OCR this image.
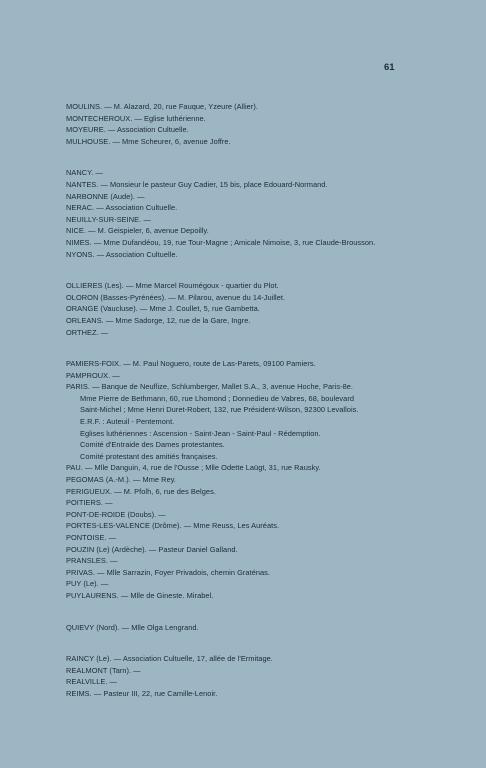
61
MOULINS. — M. Alazard, 20, rue Fauque, Yzeure (Allier).
MONTECHEROUX. — Eglise luthérienne.
MOYEURE. — Association Cultuelle.
MULHOUSE. — Mme Scheurer, 6, avenue Joffre.
NANCY. —
NANTES. — Monsieur le pasteur Guy Cadier, 15 bis, place Edouard-Normand.
NARBONNE (Aude). —
NERAC. — Association Cultuelle.
NEUILLY-SUR-SEINE. —
NICE. — M. Geispieler, 6, avenue Depoilly.
NIMES. — Mme Dufandéou, 19, rue Tour-Magne ; Amicale Nimoise, 3, rue Claude-Brousson.
NYONS. — Association Cultuelle.
OLLIERES (Les). — Mme Marcel Roumégoux - quartier du Plot.
OLORON (Basses-Pyrénées). — M. Pilarou, avenue du 14-Juillet.
ORANGE (Vaucluse). — Mme J. Coullet, 5, rue Gambetta.
ORLEANS. — Mme Sadorge, 12, rue de la Gare, Ingre.
ORTHEZ. —
PAMIERS-FOIX. — M. Paul Noguero, route de Las-Parets, 09100 Pamiers.
PAMPROUX. —
PARIS. — Banque de Neuflize, Schlumberger, Mallet S.A., 3, avenue Hoche, Paris-8e.
Mme Pierre de Bethmann, 60, rue Lhomond ; Donnedieu de Vabres, 68, boulevard
Saint-Michel ; Mme Henri Duret-Robert, 132, rue Président-Wilson, 92300 Levallois.
E.R.F. : Auteuil - Pentemont.
Eglises luthériennes : Ascension - Saint-Jean - Saint-Paul - Rédemption.
Comité d'Entraide des Dames protestantes.
Comité protestant des amitiés françaises.
PAU. — Mlle Danguin, 4, rue de l'Ousse ; Mlle Odette Laügt, 31, rue Rausky.
PEGOMAS (A.-M.). — Mme Rey.
PERIGUEUX. — M. Pfolh, 6, rue des Belges.
POITIERS. —
PONT-DE-ROIDE (Doubs). —
PORTES-LES-VALENCE (Drôme). — Mme Reuss, Les Auréats.
PONTOISE. —
POUZIN (Le) (Ardèche). — Pasteur Daniel Galland.
PRANSLES. —
PRIVAS. — Mlle Sarrazin, Foyer Privadois, chemin Graténas.
PUY (Le). —
PUYLAURENS. — Mlle de Gineste. Mirabel.
QUIEVY (Nord). — Mlle Olga Lengrand.
RAINCY (Le). — Association Cultuelle, 17, allée de l'Ermitage.
REALMONT (Tarn). —
REALVILLE. —
REIMS. — Pasteur III, 22, rue Camille-Lenoir.
